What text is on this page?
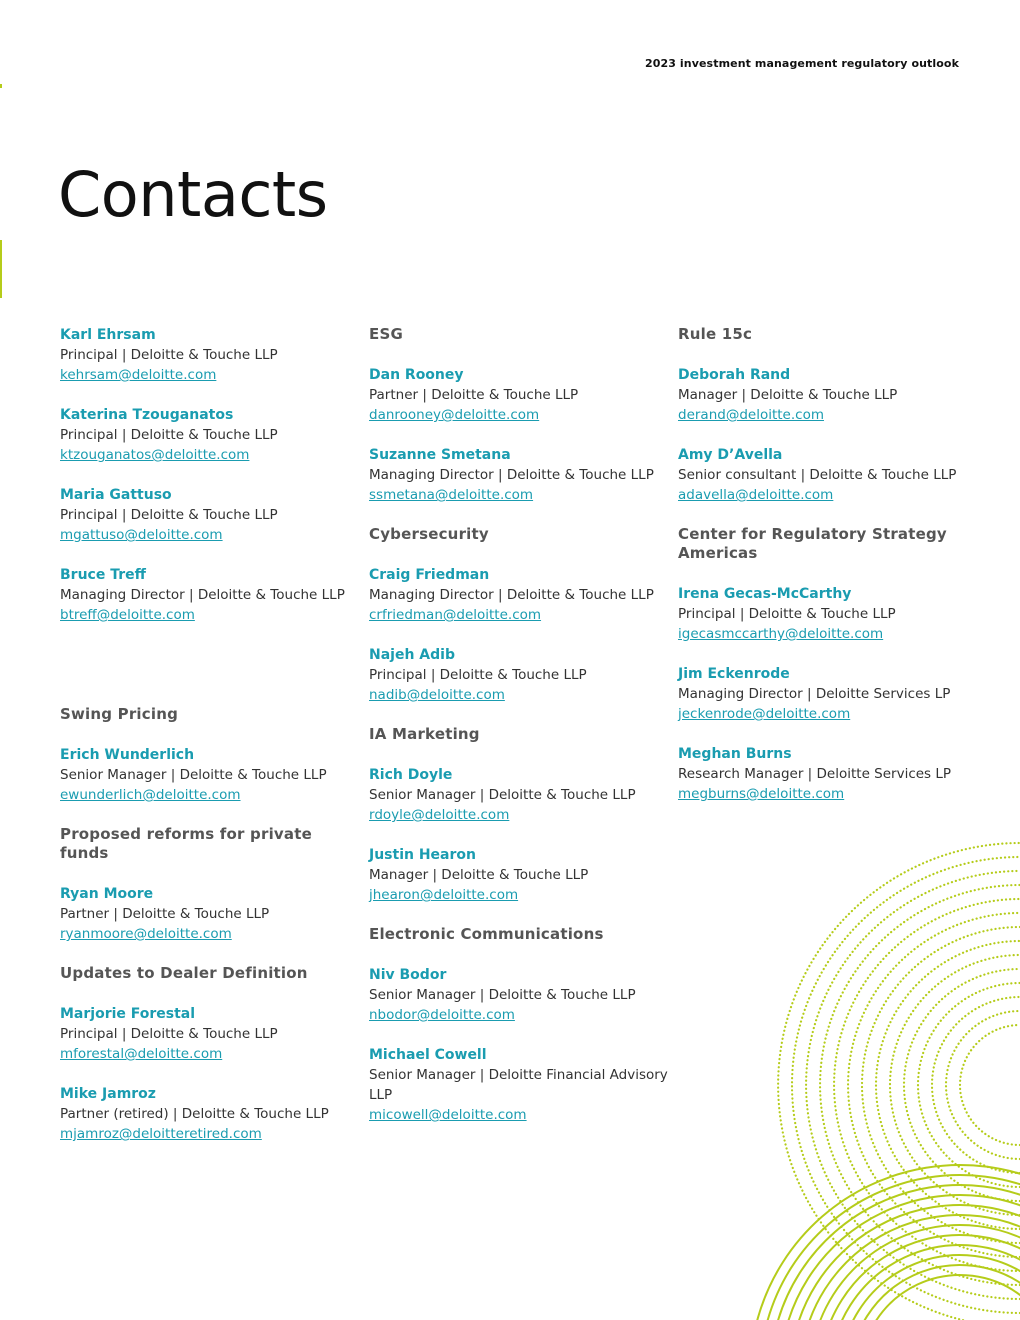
2023 investment management regulatory outlook
Contacts
Karl Ehrsam
Principal | Deloitte & Touche LLP
kehrsam@deloitte.com
Katerina Tzouganatos
Principal | Deloitte & Touche LLP
ktzouganatos@deloitte.com
Maria Gattuso
Principal | Deloitte & Touche LLP
mgattuso@deloitte.com
Bruce Treff
Managing Director | Deloitte & Touche LLP
btreff@deloitte.com
Swing Pricing
Erich Wunderlich
Senior Manager | Deloitte & Touche LLP
ewunderlich@deloitte.com
Proposed reforms for private funds
Ryan Moore
Partner | Deloitte & Touche LLP
ryanmoore@deloitte.com
Updates to Dealer Definition
Marjorie Forestal
Principal | Deloitte & Touche LLP
mforestal@deloitte.com
Mike Jamroz
Partner (retired) | Deloitte & Touche LLP
mjamroz@deloitteretired.com
ESG
Dan Rooney
Partner | Deloitte & Touche LLP
danrooney@deloitte.com
Suzanne Smetana
Managing Director | Deloitte & Touche LLP
ssmetana@deloitte.com
Cybersecurity
Craig Friedman
Managing Director | Deloitte & Touche LLP
crfriedman@deloitte.com
Najeh Adib
Principal | Deloitte & Touche LLP
nadib@deloitte.com
IA Marketing
Rich Doyle
Senior Manager | Deloitte & Touche LLP
rdoyle@deloitte.com
Justin Hearon
Manager | Deloitte & Touche LLP
jhearon@deloitte.com
Electronic Communications
Niv Bodor
Senior Manager | Deloitte & Touche LLP
nbodor@deloitte.com
Michael Cowell
Senior Manager | Deloitte Financial Advisory LLP
micowell@deloitte.com
Rule 15c
Deborah Rand
Manager | Deloitte & Touche LLP
derand@deloitte.com
Amy D’Avella
Senior consultant | Deloitte & Touche LLP
adavella@deloitte.com
Center for Regulatory Strategy Americas
Irena Gecas-McCarthy
Principal | Deloitte & Touche LLP
igecasmccarthy@deloitte.com
Jim Eckenrode
Managing Director | Deloitte Services LP
jeckenrode@deloitte.com
Meghan Burns
Research Manager | Deloitte Services LP
megburns@deloitte.com
